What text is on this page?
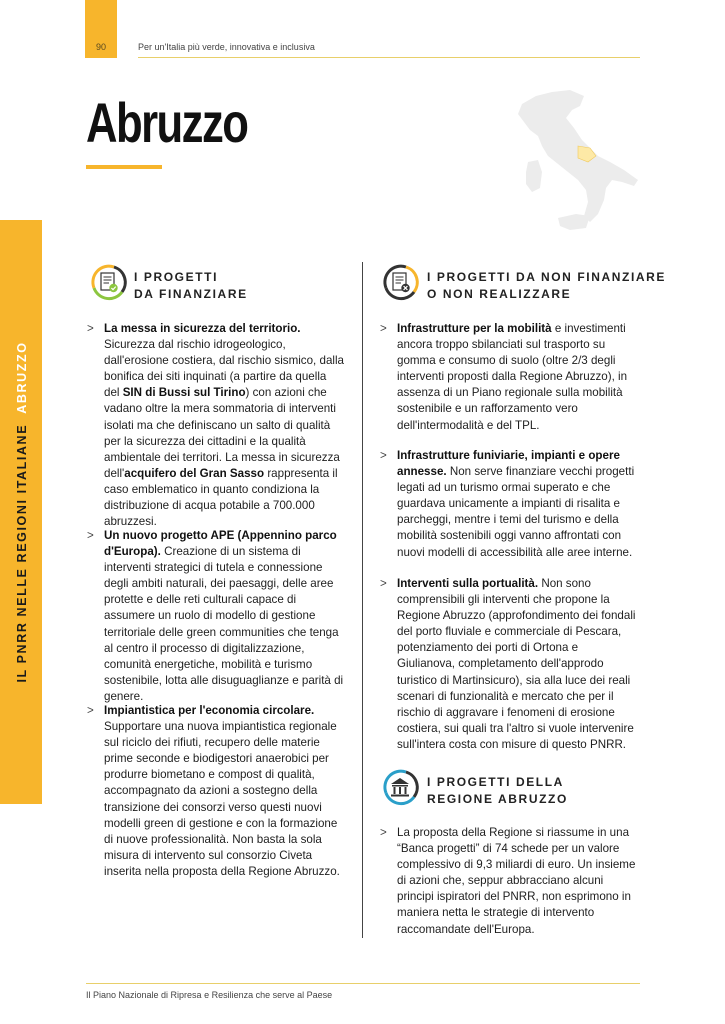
90	Per un'Italia più verde, innovativa e inclusiva
Abruzzo
IL PNRR NELLE REGIONI ITALIANE ABRUZZO
I PROGETTI
DA FINANZIARE
> La messa in sicurezza del territorio. Sicurezza dal rischio idrogeologico, dall'erosione costiera, dal rischio sismico, dalla bonifica dei siti inquinati (a partire da quella del SIN di Bussi sul Tirino) con azioni che vadano oltre la mera sommatoria di interventi isolati ma che definiscano un salto di qualità per la sicurezza dei cittadini e la qualità ambientale dei territori. La messa in sicurezza dell'acquifero del Gran Sasso rappresenta il caso emblematico in quanto condiziona la distribuzione di acqua potabile a 700.000 abruzzesi.
> Un nuovo progetto APE (Appennino parco d'Europa). Creazione di un sistema di interventi strategici di tutela e connessione degli ambiti naturali, dei paesaggi, delle aree protette e delle reti culturali capace di assumere un ruolo di modello di gestione territoriale delle green communities che tenga al centro il processo di digitalizzazione, comunità energetiche, mobilità e turismo sostenibile, lotta alle disuguaglianze e parità di genere.
> Impiantistica per l'economia circolare. Supportare una nuova impiantistica regionale sul riciclo dei rifiuti, recupero delle materie prime seconde e biodigestori anaerobici per produrre biometano e compost di qualità, accompagnato da azioni a sostegno della transizione dei consorzi verso questi nuovi modelli green di gestione e con la formazione di nuove professionalità. Non basta la sola misura di intervento sul consorzio Civeta inserita nella proposta della Regione Abruzzo.
I PROGETTI DA NON FINANZIARE
O NON REALIZZARE
> Infrastrutture per la mobilità e investimenti ancora troppo sbilanciati sul trasporto su gomma e consumo di suolo (oltre 2/3 degli interventi proposti dalla Regione Abruzzo), in assenza di un Piano regionale sulla mobilità sostenibile e un rafforzamento vero dell'intermodalità e del TPL.
> Infrastrutture funiviarie, impianti e opere annesse. Non serve finanziare vecchi progetti legati ad un turismo ormai superato e che guardava unicamente a impianti di risalita e parcheggi, mentre i temi del turismo e della mobilità sostenibili oggi vanno affrontati con nuovi modelli di accessibilità alle aree interne.
> Interventi sulla portualità. Non sono comprensibili gli interventi che propone la Regione Abruzzo (approfondimento dei fondali del porto fluviale e commerciale di Pescara, potenziamento dei porti di Ortona e Giulianova, completamento dell'approdo turistico di Martinsicuro), sia alla luce dei reali scenari di funzionalità e mercato che per il rischio di aggravare i fenomeni di erosione costiera, sui quali tra l'altro si vuole intervenire sull'intera costa con misure di questo PNRR.
I PROGETTI DELLA
REGIONE ABRUZZO
> La proposta della Regione si riassume in una “Banca progetti” di 74 schede per un valore complessivo di 9,3 miliardi di euro. Un insieme di azioni che, seppur abbracciano alcuni principi ispiratori del PNRR, non esprimono in maniera netta le strategie di intervento raccomandate dell'Europa.
Il Piano Nazionale di Ripresa e Resilienza che serve al Paese
